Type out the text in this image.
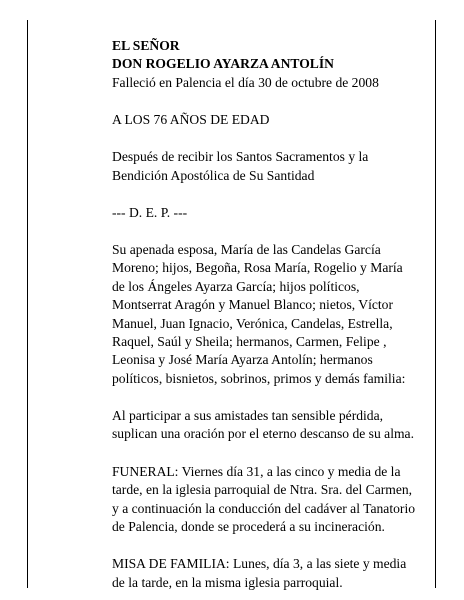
EL SEÑOR
DON ROGELIO AYARZA ANTOLÍN
Falleció en Palencia el día 30 de octubre de 2008
A LOS 76 AÑOS DE EDAD
Después de recibir los Santos Sacramentos y la
Bendición Apostólica de Su Santidad
--- D. E. P. ---
Su apenada esposa, María de las Candelas García
Moreno; hijos, Begoña, Rosa María, Rogelio y María
de los Ángeles Ayarza García; hijos políticos,
Montserrat Aragón y Manuel Blanco; nietos, Víctor
Manuel, Juan Ignacio, Verónica, Candelas, Estrella,
Raquel, Saúl y Sheila; hermanos, Carmen, Felipe ,
Leonisa y José María Ayarza Antolín; hermanos
políticos, bisnietos, sobrinos, primos y demás familia:
Al participar a sus amistades tan sensible pérdida,
suplican una oración por el eterno descanso de su alma.
FUNERAL: Viernes día 31, a las cinco y media de la
tarde, en la iglesia parroquial de Ntra. Sra. del Carmen,
y a continuación la conducción del cadáver al Tanatorio
de Palencia, donde se procederá a su incineración.
MISA DE FAMILIA: Lunes, día 3, a las siete y media
de la tarde, en la misma iglesia parroquial.
